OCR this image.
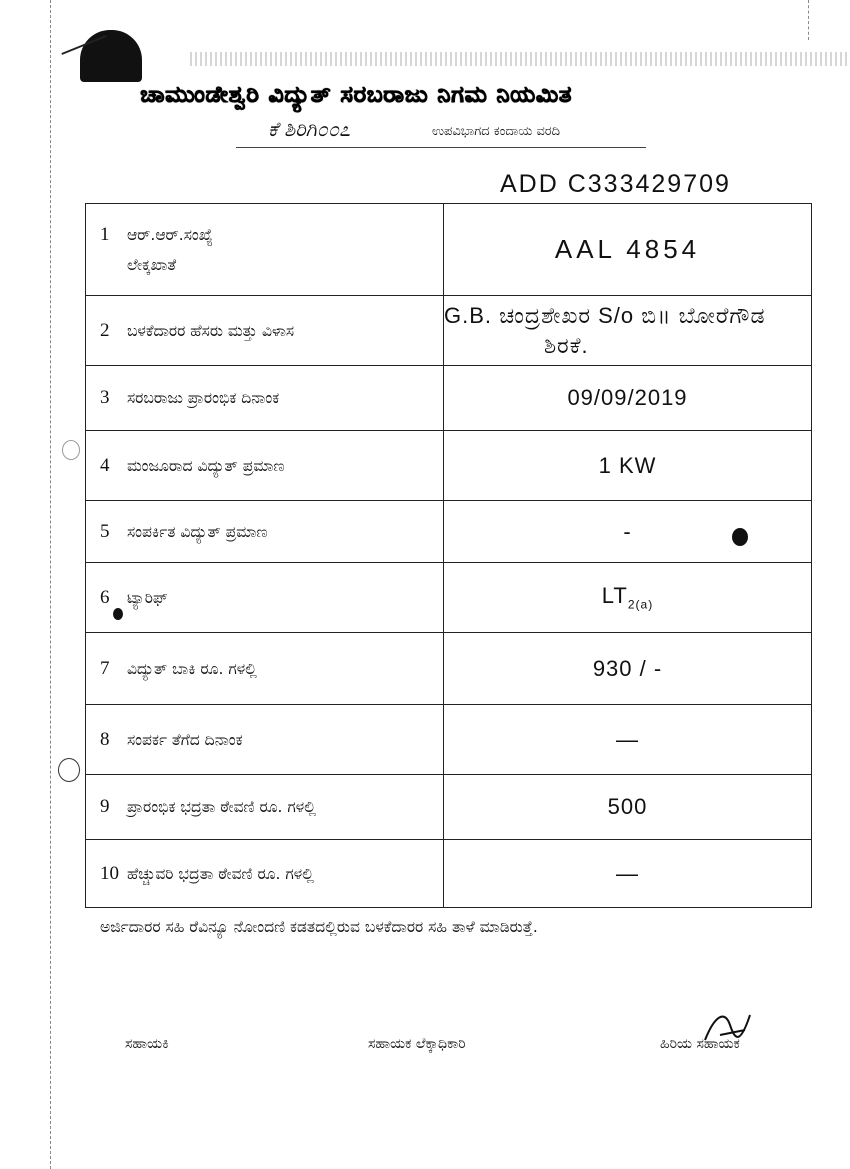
ಚಾಮುಂಡೇಶ್ವರಿ ವಿದ್ಯುತ್ ಸರಬರಾಜು ನಿಗಮ ನಿಯಮಿತ
ಕೆ ಶಿರಿಗಿ೦೦೭	ಉಪವಿಭಾಗದ ಕಂದಾಯ ವರದಿ
ADD C333429709
1 ಆರ್.ಆರ್.ಸಂಖ್ಯೆ
ಲೇಕ್ಕಖಾತೆ	AAL 4854
2 ಬಳಕೆದಾರರ ಹೆಸರು ಮತ್ತು ವಿಳಾಸ	G.B. ಚಂದ್ರಶೇಖರ S/o ಬಿ॥ ಬೋರೆಗೌಡ
ಶಿರಕೆ.

3 ಸರಬರಾಜು ಪ್ರಾರಂಭಿಕ ದಿನಾಂಕ	09/09/2019
4 ಮಂಜೂರಾದ ವಿದ್ಯುತ್ ಪ್ರಮಾಣ	1 KW
5 ಸಂಪರ್ಕಿತ ವಿದ್ಯುತ್ ಪ್ರಮಾಣ	-
6 ಟ್ಯಾರಿಫ್	$LT_{2(a)}$
7 ವಿದ್ಯುತ್ ಬಾಕಿ ರೂ. ಗಳಲ್ಲಿ	930 / -
8 ಸಂಪರ್ಕ ತೆಗೆದ ದಿನಾಂಕ	—
9 ಪ್ರಾರಂಭಿಕ ಭದ್ರತಾ ಠೇವಣಿ ರೂ. ಗಳಲ್ಲಿ	500
10 ಹೆಚ್ಚುವರಿ ಭದ್ರತಾ ಠೇವಣಿ ರೂ. ಗಳಲ್ಲಿ	—
ಅರ್ಜಿದಾರರ ಸಹಿ ರೆವಿನ್ಯೂ ನೋಂದಣಿ ಕಡತದಲ್ಲಿರುವ ಬಳಕೆದಾರರ ಸಹಿ ತಾಳೆ ಮಾಡಿರುತ್ತೆ.
ಸಹಾಯಕಿ	ಸಹಾಯಕ ಲೆಕ್ಕಾಧಿಕಾರಿ	ಹಿರಿಯ ಸಹಾಯಕ
